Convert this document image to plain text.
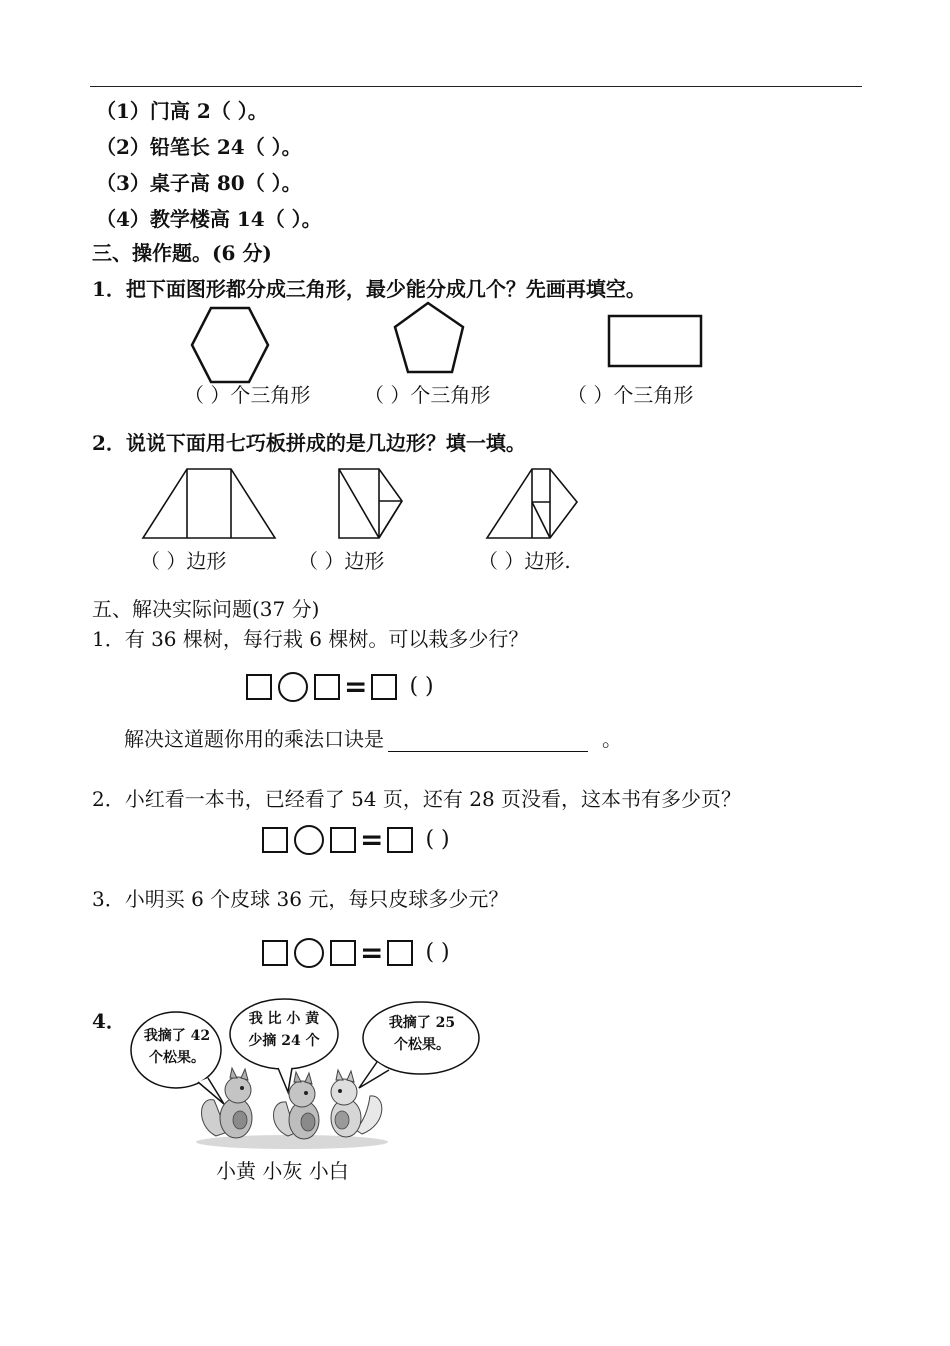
（1）门高 2（ ）。
（2）铅笔长 24（ ）。
（3）桌子高 80（ ）。
（4）教学楼高 14（ ）。
三、操作题。(6 分)
1．把下面图形都分成三角形，最少能分成几个？先画再填空。
（ ）个三角形	（ ）个三角形	（ ）个三角形
2．说说下面用七巧板拼成的是几边形？填一填。
（ ）边形	（ ）边形	（ ）边形.
五、解决实际问题(37 分)
1．有 36 棵树，每行栽 6 棵树。可以栽多少行？
= ( )
解决这道题你用的乘法口诀是	。
2．小红看一本书，已经看了 54 页，还有 28 页没看，这本书有多少页？
= ( )
3．小明买 6 个皮球 36 元，每只皮球多少元？
= ( )
4．
我摘了 42
个松果。
我 比 小 黄
少摘 24 个
我摘了 25
个松果。
小黄 小灰 小白
